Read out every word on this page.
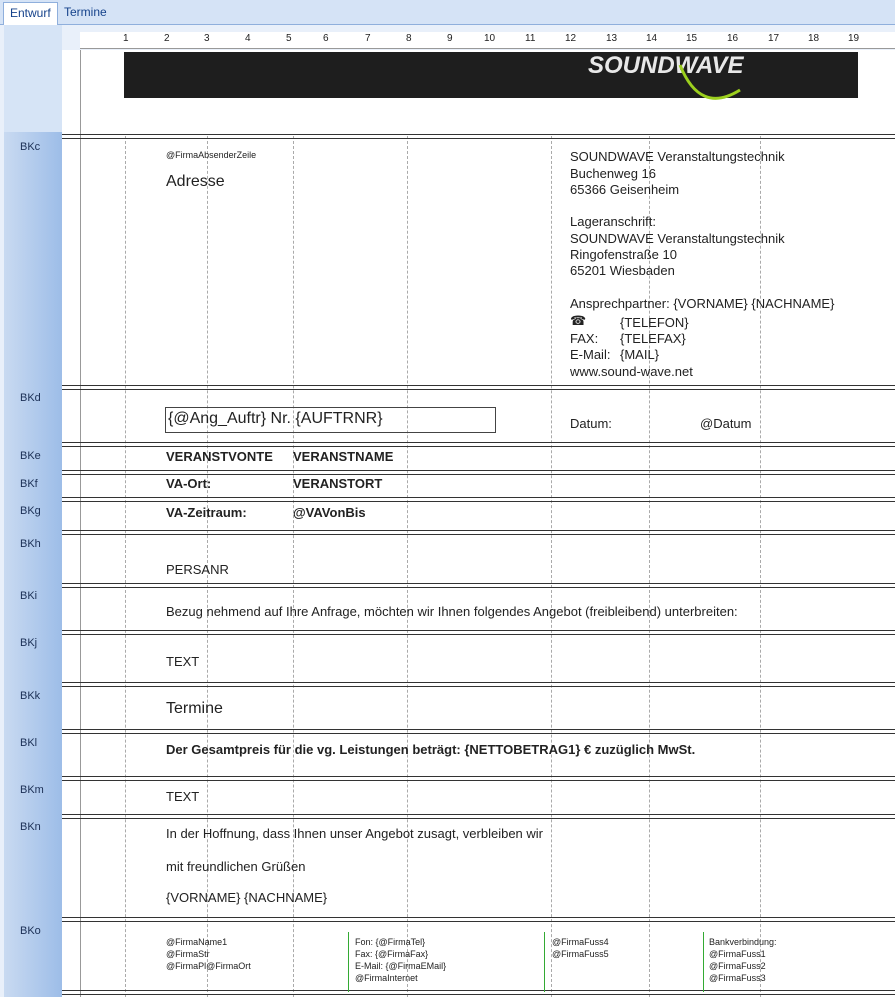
Entwurf	Termine
BKc
BKd
BKe
BKf
BKg
BKh
BKi
BKj
BKk
BKl
BKm
BKn
BKo
1	2	3	4	5	6	7	8	9	10	11	12	13	14	15	16	17	18	19
SOUNDWAVE
@FirmaAbsenderZeile
Adresse
SOUNDWAVE Veranstaltungstechnik
Buchenweg 16
65366 Geisenheim
Lageranschrift:
SOUNDWAVE Veranstaltungstechnik
Ringofenstraße 10
65201 Wiesbaden
Ansprechpartner: {VORNAME} {NACHNAME}
☎	{TELEFON}
FAX: {TELEFAX}
E-Mail: {MAIL}
www.sound-wave.net
{@Ang_Auftr} Nr. {AUFTRNR}	Datum:	@Datum
VERANSTVONTE VERANSTNAME
VA-Ort:	VERANSTORT
VA-Zeitraum:	@VAVonBis
PERSANR
Bezug nehmend auf Ihre Anfrage, möchten wir Ihnen folgendes Angebot (freibleibend) unterbreiten:
TEXT
Termine
Der Gesamtpreis für die vg. Leistungen beträgt: {NETTOBETRAG1} € zuzüglich MwSt.
TEXT
In der Hoffnung, dass Ihnen unser Angebot zusagt, verbleiben wir
mit freundlichen Grüßen
{VORNAME} {NACHNAME}
@FirmaName1
@FirmaStr
@FirmaPl@FirmaOrt
Fon: {@FirmaTel}
Fax: {@FirmaFax}
E-Mail: {@FirmaEMail}
@FirmaInternet
@FirmaFuss4
@FirmaFuss5
Bankverbindung:
@FirmaFuss1
@FirmaFuss2
@FirmaFuss3
